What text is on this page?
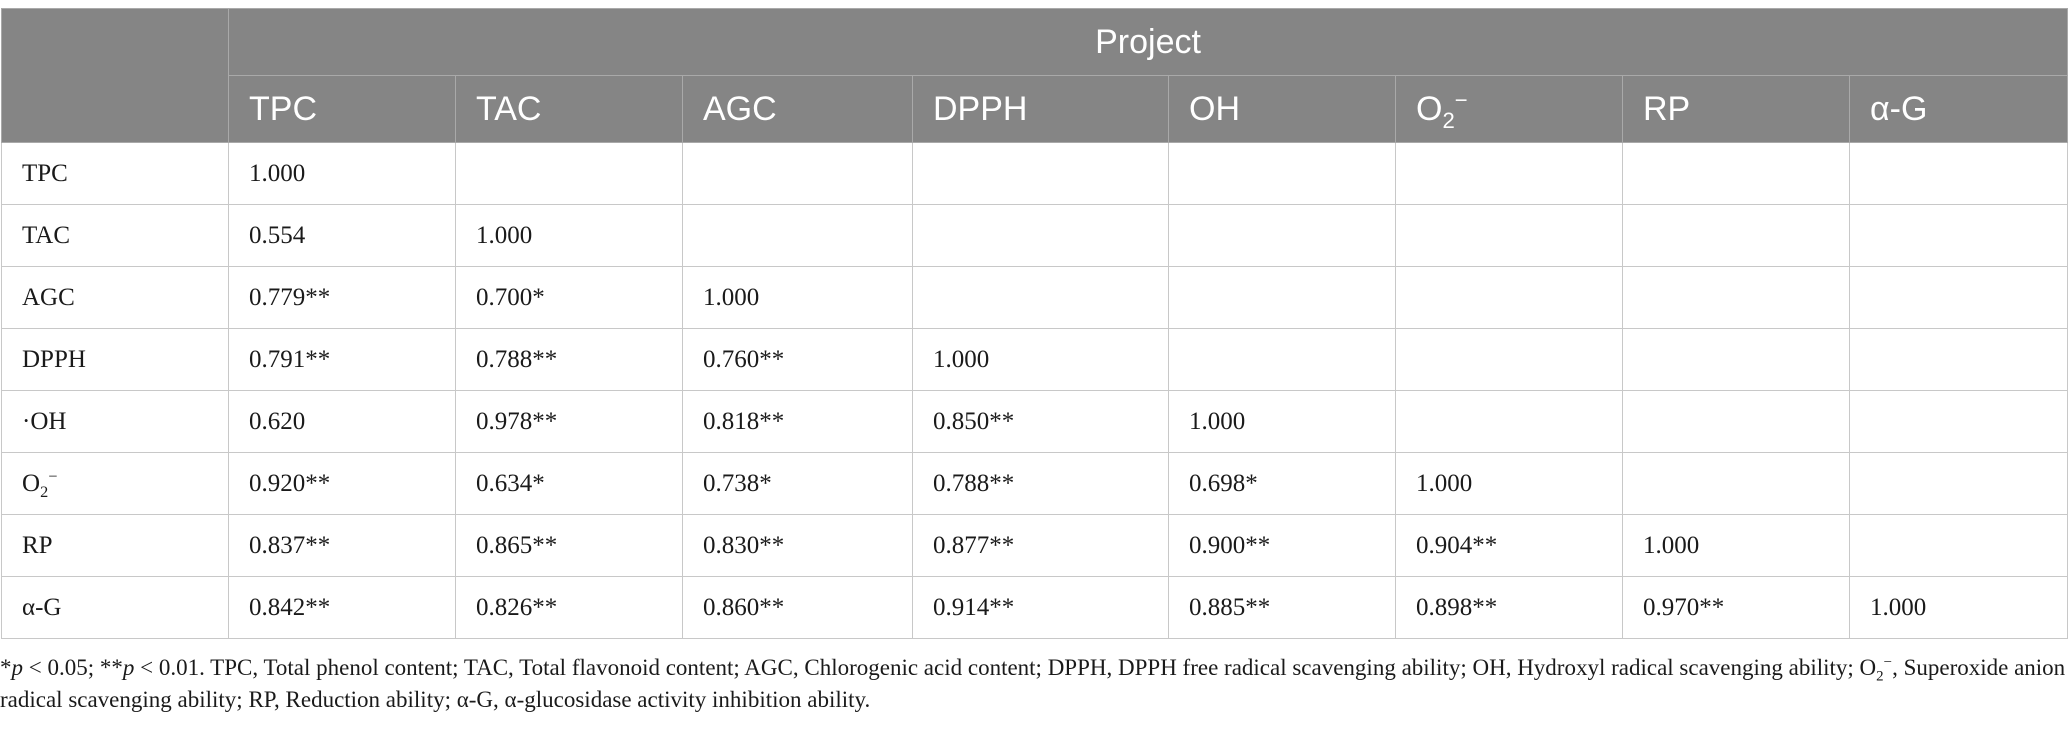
	Project							
	TPC	TAC	AGC	DPPH	OH	$O_2^-$	RP	α-G
TPC	1.000							
TAC	0.554	1.000						
AGC	0.779**	0.700*	1.000					
DPPH	0.791**	0.788**	0.760**	1.000				
·OH	0.620	0.978**	0.818**	0.850**	1.000			
$O_2^-$	0.920**	0.634*	0.738*	0.788**	0.698*	1.000		
RP	0.837**	0.865**	0.830**	0.877**	0.900**	0.904**	1.000	
α-G	0.842**	0.826**	0.860**	0.914**	0.885**	0.898**	0.970**	1.000
*p < 0.05; **p < 0.01. TPC, Total phenol content; TAC, Total flavonoid content; AGC, Chlorogenic acid content; DPPH, DPPH free radical scavenging ability; OH, Hydroxyl radical scavenging ability; $O_2^-$, Superoxide anion radical scavenging ability; RP, Reduction ability; α-G, α-glucosidase activity inhibition ability.
